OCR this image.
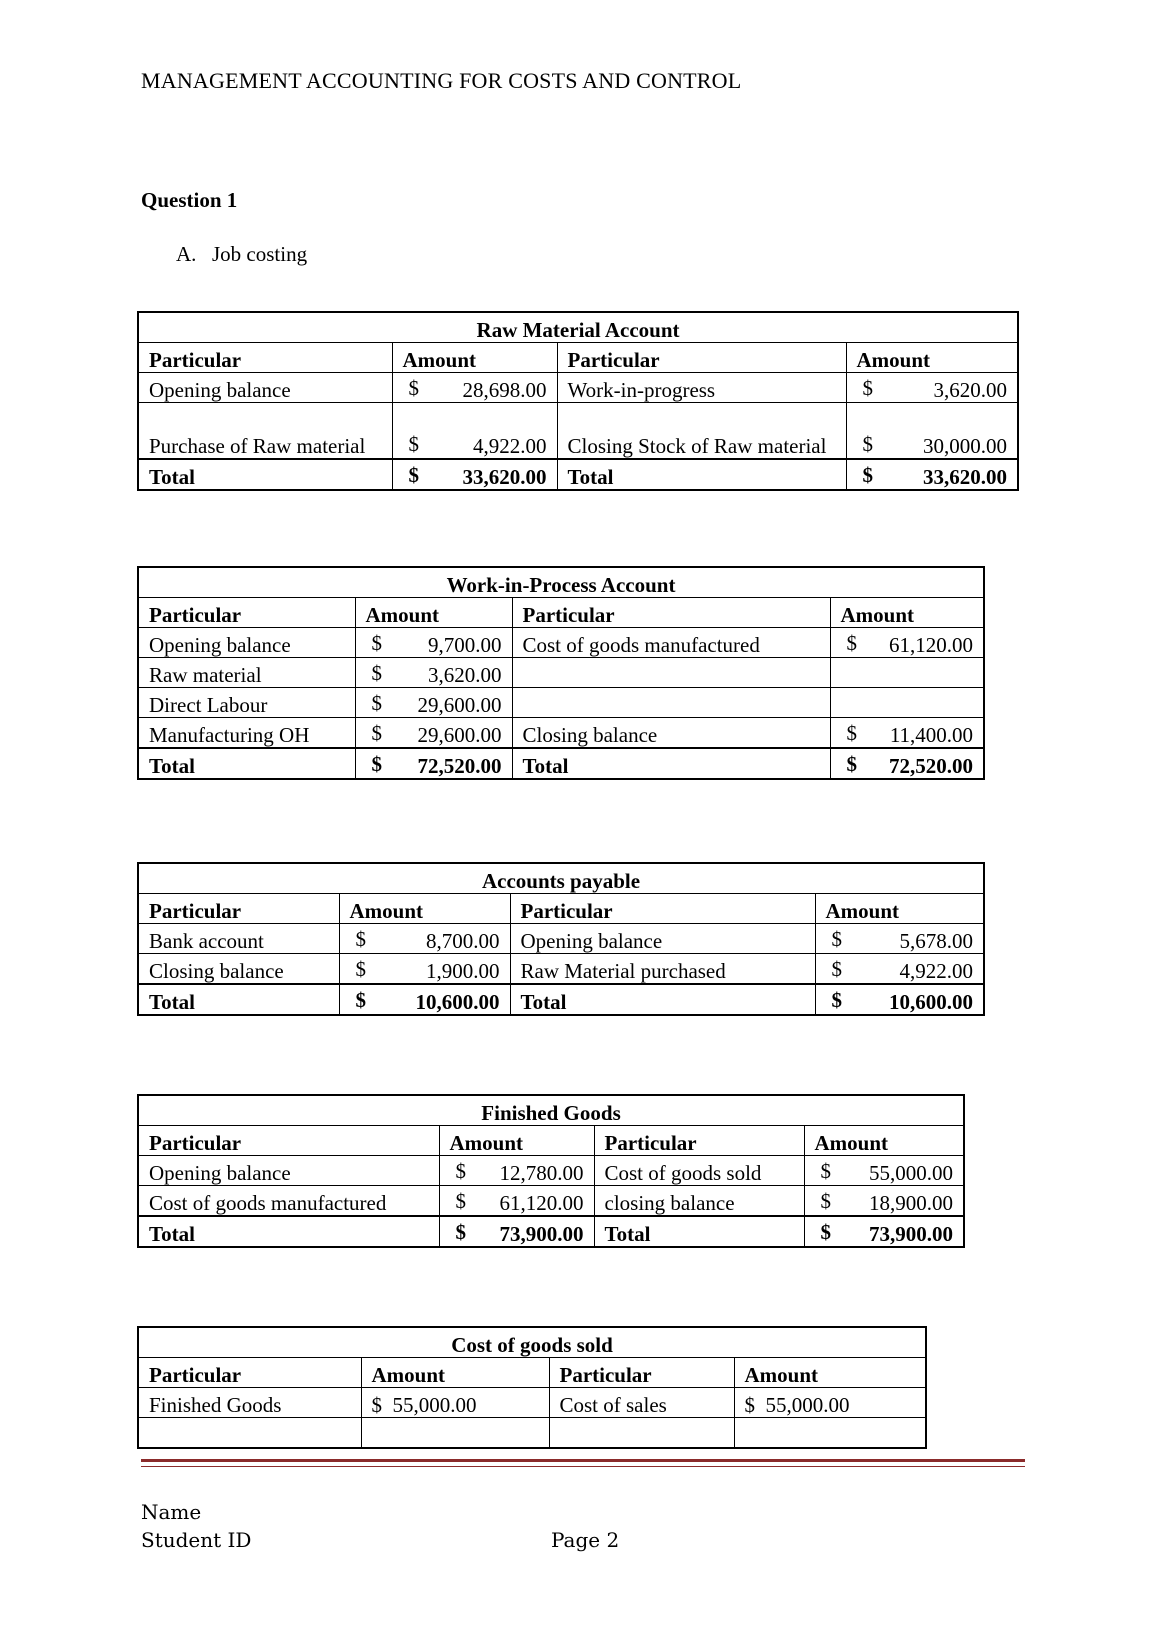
MANAGEMENT ACCOUNTING FOR COSTS AND CONTROL
Question 1
A. Job costing
Raw Material Account			
Particular	Amount	Particular	Amount
Opening balance	$ 28,698.00	Work-in-progress	$ 3,620.00

Purchase of Raw material	$ 4,922.00	Closing Stock of Raw material	$ 30,000.00

Total	$ 33,620.00	Total	$ 33,620.00
Work-in-Process Account			
Particular	Amount	Particular	Amount
Opening balance	$ 9,700.00	Cost of goods manufactured	$ 61,120.00

Raw material	$ 3,620.00		

Direct Labour	$ 29,600.00		

Manufacturing OH	$ 29,600.00	Closing balance	$ 11,400.00

Total	$ 72,520.00	Total	$ 72,520.00
Accounts payable			
Particular	Amount	Particular	Amount
Bank account	$ 8,700.00	Opening balance	$ 5,678.00

Closing balance	$ 1,900.00	Raw Material purchased	$ 4,922.00

Total	$ 10,600.00	Total	$ 10,600.00
Finished Goods			
Particular	Amount	Particular	Amount
Opening balance	$ 12,780.00	Cost of goods sold	$ 55,000.00

Cost of goods manufactured	$ 61,120.00	closing balance	$ 18,900.00

Total	$ 73,900.00	Total	$ 73,900.00
Cost of goods sold			
Particular	Amount	Particular	Amount
Finished Goods	$  55,000.00	Cost of sales	$  55,000.00

Name
Student ID	Page 2
